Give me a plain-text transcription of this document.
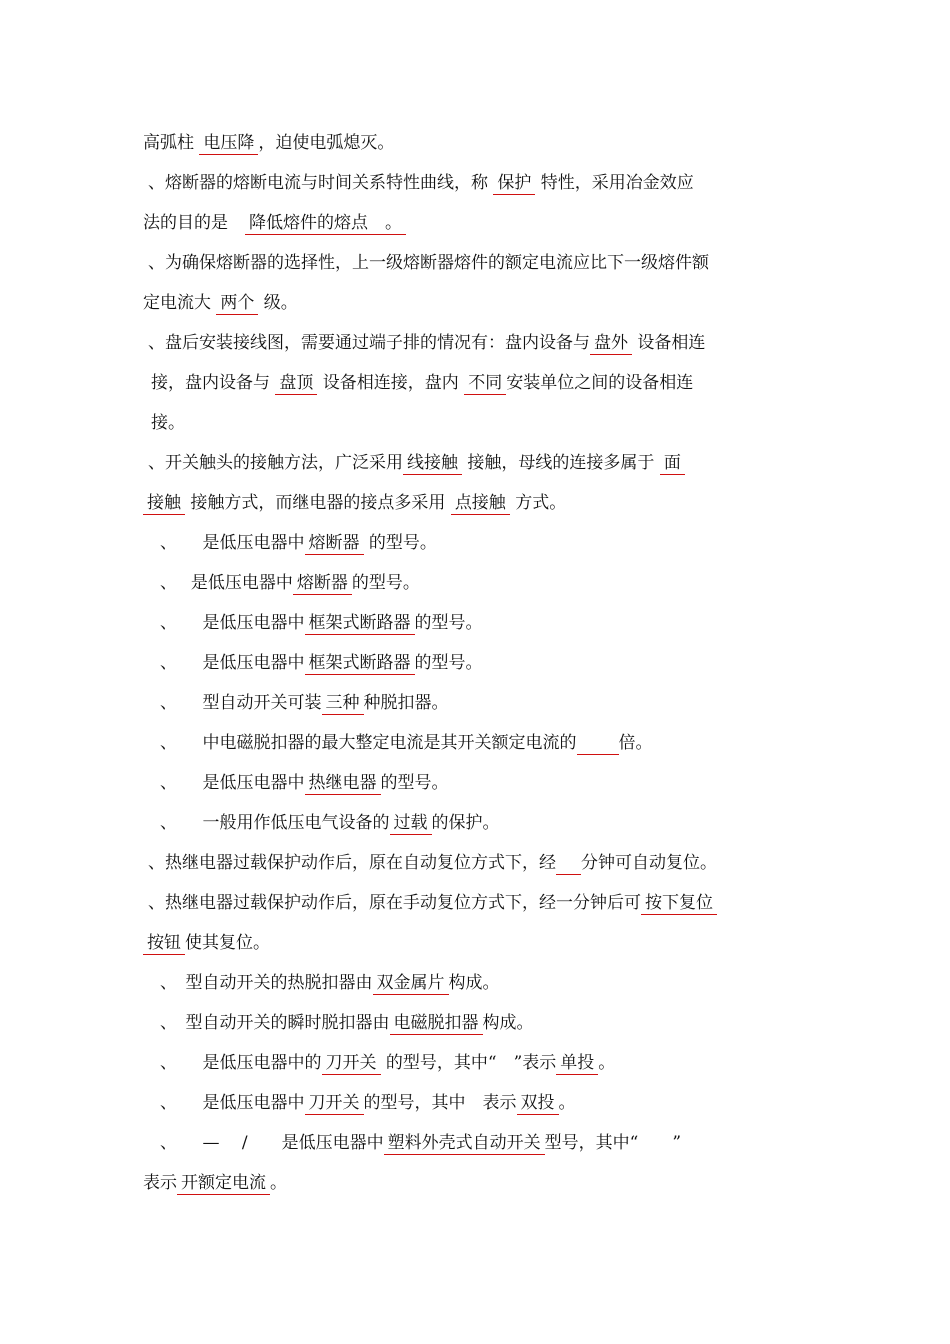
高弧柱 电压降 ，迫使电弧熄灭。
、熔断器的熔断电流与时间关系特性曲线，称 保护 特性，采用冶金效应
法的目的是　降低熔件的熔点　。
、为确保熔断器的选择性，上一级熔断器熔件的额定电流应比下一级熔件额
定电流大 两个 级。
、盘后安装接线图，需要通过端子排的情况有：盘内设备与 盘外 设备相连
接，盘内设备与 盘顶 设备相连接，盘内 不同 安装单位之间的设备相连
接。
、开关触头的接触方法，广泛采用 线接触 接触，母线的连接多属于 面
接触 接触方式，而继电器的接点多采用 点接触 方式。
、　　是低压电器中 熔断器 的型号。
、　 是低压电器中 熔断器 的型号。
、　　是低压电器中 框架式断路器 的型号。
、　　是低压电器中 框架式断路器 的型号。
、　　型自动开关可装 三种 种脱扣器。
、　　中电磁脱扣器的最大整定电流是其开关额定电流的　　 倍。
、　　是低压电器中 热继电器 的型号。
、　　一般用作低压电气设备的 过载 的保护。
、热继电器过载保护动作后，原在自动复位方式下，经　 分钟可自动复位。
、热继电器过载保护动作后，原在手动复位方式下，经一分钟后可 按下复位
按钮 使其复位。
、　型自动开关的热脱扣器由 双金属片 构成。
、　型自动开关的瞬时脱扣器由 电磁脱扣器 构成。
、　　是低压电器中的 刀开关 的型号，其中“　”表示 单投 。
、　　是低压电器中 刀开关 的型号，其中　表示 双投 。
、　　—　 /　　是低压电器中 塑料外壳式自动开关 型号，其中“　　”
表示 开额定电流 。
